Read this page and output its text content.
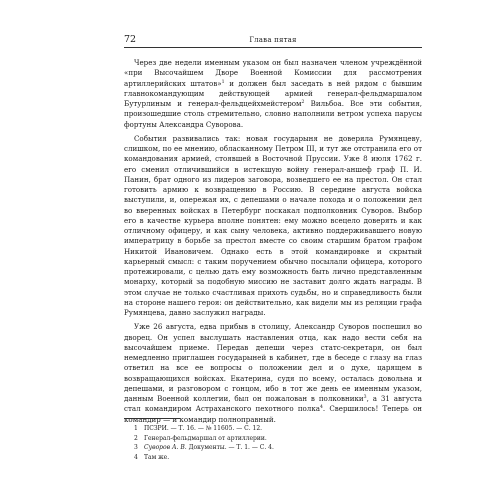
72	Глава пятая

Через две недели именным указом он был назначен членом учреждённой «при Высочайшем Дворе Военной Комиссии для рассмотрения артиллерийских штатов»$^1$ и должен был заседать в ней рядом с бывшим главнокомандующим действующей армией генерал-фельдмаршалом Бутурлиным и генерал-фельдцейхмейстером$^2$ Вильбоа. Все эти события, произошедшие столь стремительно, словно наполнили ветром успеха парусы фортуны Александра Суворова.

События развивались так: новая государыня не доверяла Румянцеву, слишком, по ее мнению, обласканному Петром III, и тут же отстранила его от командования армией, стоявшей в Восточной Пруссии. Уже 8 июля 1762 г. его сменил отличившийся в истекшую войну генерал-аншеф граф П. И. Панин, брат одного из лидеров заговора, возведшего ее на престол. Он стал готовить армию к возвращению в Россию. В середине августа войска выступили, и, опережая их, с депешами о начале похода и о положении дел во вверенных войсках в Петербург поскакал подполковник Суворов. Выбор его в качестве курьера вполне понятен: ему можно всецело доверять и как отличному офицеру, и как сыну человека, активно поддерживавшего новую императрицу в борьбе за престол вместе со своим старшим братом графом Никитой Ивановичем. Однако есть в этой командировке и скрытый карьерный смысл: с таким поручением обычно посылали офицера, которого протежировали, с целью дать ему возможность быть лично представленным монарху, который за подобную миссию не заставит долго ждать награды. В этом случае не только счастливая прихоть судьбы, но и справедливость были на стороне нашего героя: он действительно, как видели мы из реляции графа Румянцева, давно заслужил награды.

Уже 26 августа, едва прибыв в столицу, Александр Суворов поспешил во дворец. Он успел выслушать наставления отца, как надо вести себя на высочайшем приеме. Передав депеши через статс-секретаря, он был немедленно приглашен государыней в кабинет, где в беседе с глазу на глаз ответил на все ее вопросы о положении дел и о духе, царящем в возвращающихся войсках. Екатерина, судя по всему, осталась довольна и депешами, и разговором с гонцом, ибо в тот же день ее именным указом, данным Военной коллегии, был он пожалован в полковники$^3$, а 31 августа стал командиром Астраханского пехотного полка$^4$. Свершилось! Теперь он командир — и командир полноправный.

1 ПСЗРИ. — Т. 16. — № 11605. — С. 12.
2 Генерал-фельдмаршал от артиллерии.
3 Суворов А. В. Документы. — Т. 1. — С. 4.
4 Там же.
